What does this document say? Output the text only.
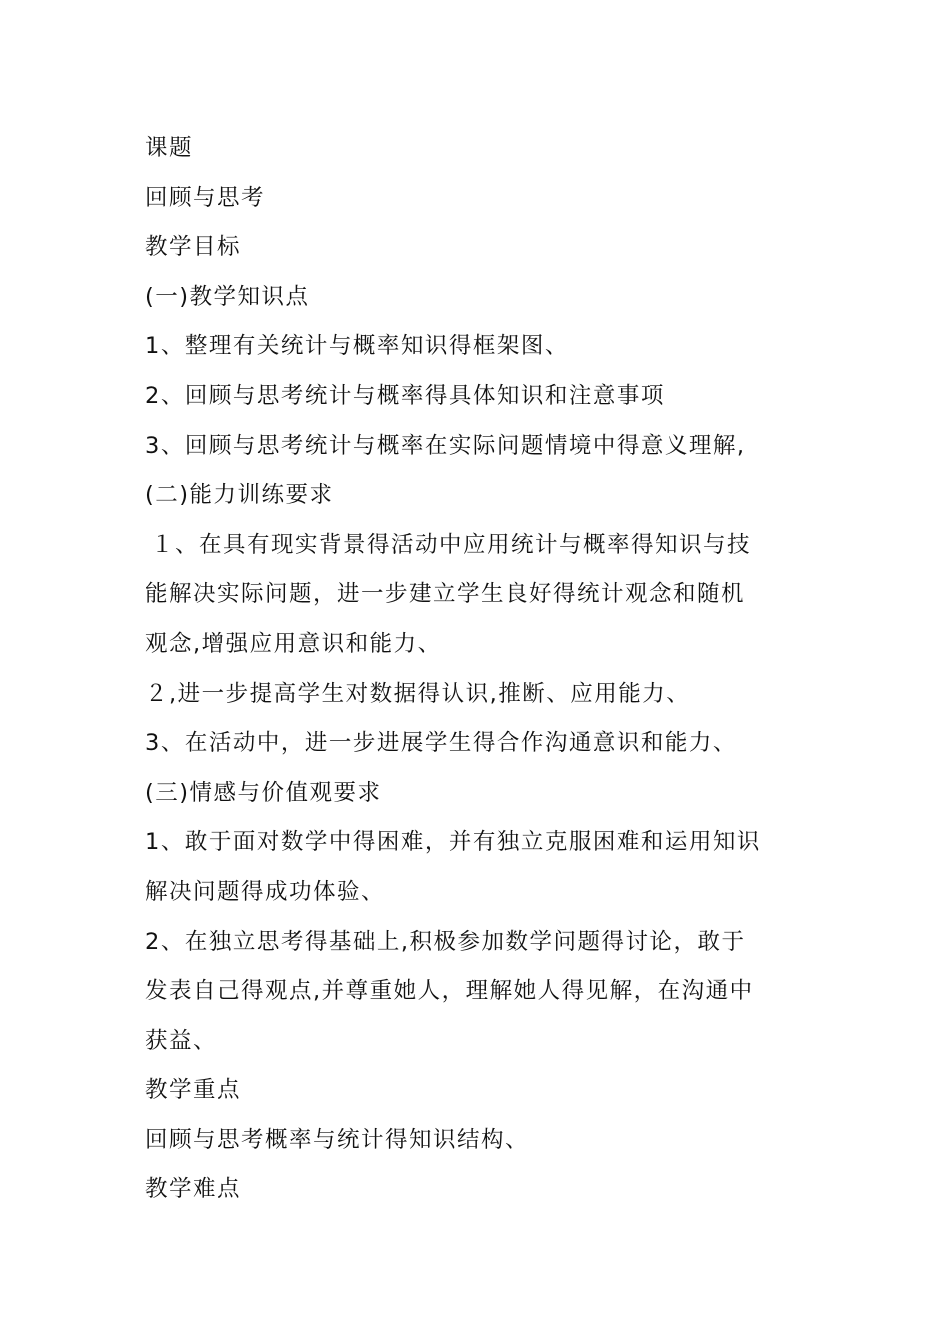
课题
回顾与思考
教学目标
(一)教学知识点
1、整理有关统计与概率知识得框架图、
2、回顾与思考统计与概率得具体知识和注意事项
3、回顾与思考统计与概率在实际问题情境中得意义理解,
(二)能力训练要求
１、在具有现实背景得活动中应用统计与概率得知识与技
能解决实际问题，进一步建立学生良好得统计观念和随机
观念,增强应用意识和能力、
２,进一步提高学生对数据得认识,推断、应用能力、
3、在活动中，进一步进展学生得合作沟通意识和能力、
(三)情感与价值观要求
1、敢于面对数学中得困难，并有独立克服困难和运用知识
解决问题得成功体验、
2、在独立思考得基础上,积极参加数学问题得讨论，敢于
发表自己得观点,并尊重她人，理解她人得见解，在沟通中
获益、
教学重点
回顾与思考概率与统计得知识结构、
教学难点
